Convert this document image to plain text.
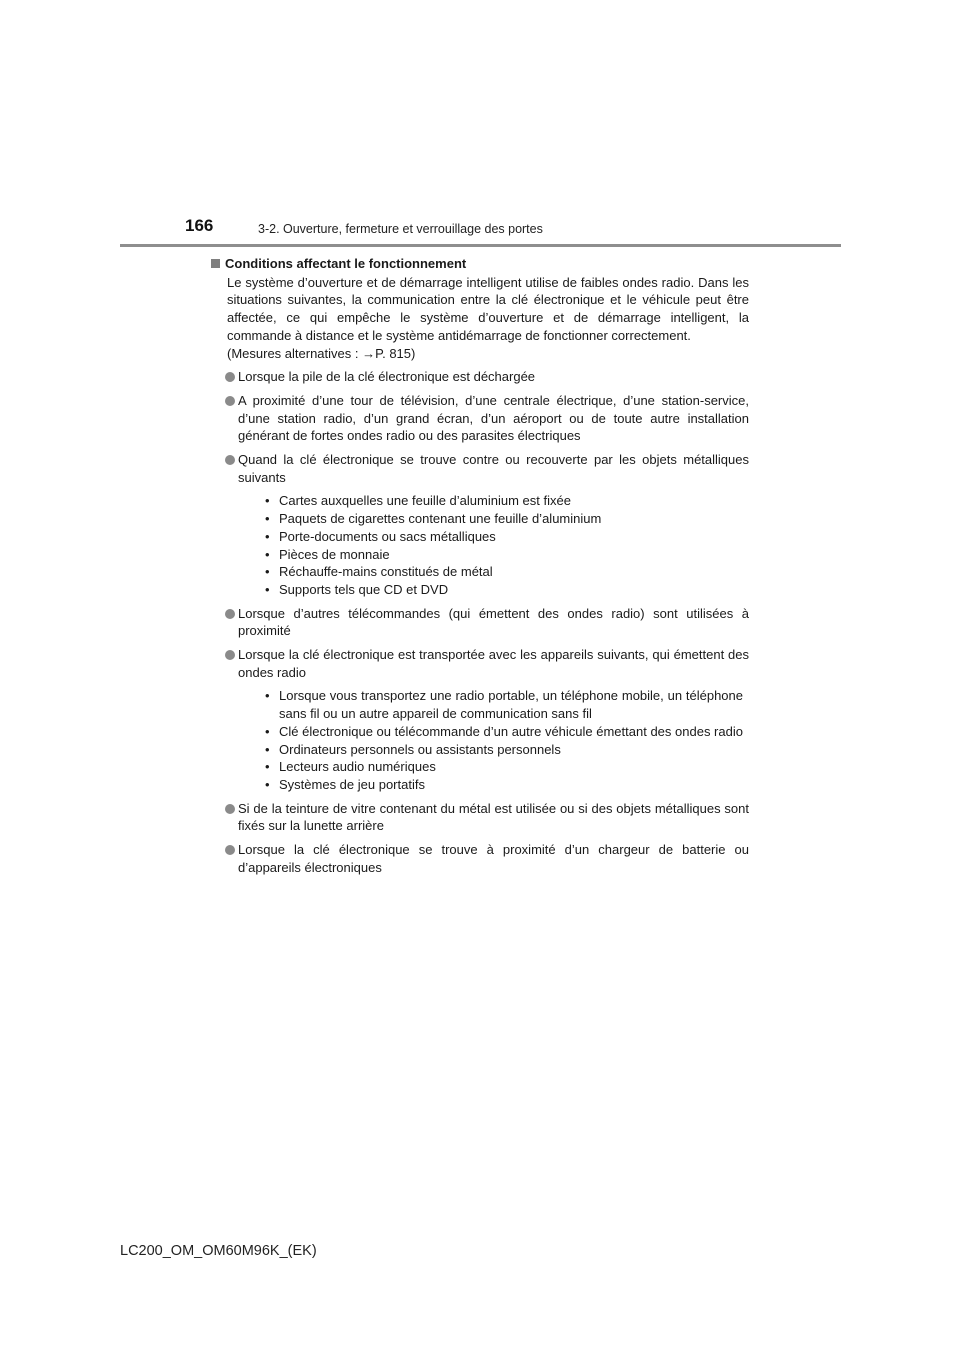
166	3-2. Ouverture, fermeture et verrouillage des portes
Conditions affectant le fonctionnement
Le système d’ouverture et de démarrage intelligent utilise de faibles ondes radio. Dans les situations suivantes, la communication entre la clé électronique et le véhicule peut être affectée, ce qui empêche le système d’ouverture et de démarrage intelligent, la commande à distance et le système antidémarrage de fonctionner correctement.
(Mesures alternatives : →P. 815)
Lorsque la pile de la clé électronique est déchargée
A proximité d’une tour de télévision, d’une centrale électrique, d’une station-service, d’une station radio, d’un grand écran, d’un aéroport ou de toute autre installation générant de fortes ondes radio ou des parasites électriques
Quand la clé électronique se trouve contre ou recouverte par les objets métalliques suivants
• Cartes auxquelles une feuille d’aluminium est fixée
• Paquets de cigarettes contenant une feuille d’aluminium
• Porte-documents ou sacs métalliques
• Pièces de monnaie
• Réchauffe-mains constitués de métal
• Supports tels que CD et DVD
Lorsque d’autres télécommandes (qui émettent des ondes radio) sont utilisées à proximité
Lorsque la clé électronique est transportée avec les appareils suivants, qui émettent des ondes radio
• Lorsque vous transportez une radio portable, un téléphone mobile, un téléphone sans fil ou un autre appareil de communication sans fil
• Clé électronique ou télécommande d’un autre véhicule émettant des ondes radio
• Ordinateurs personnels ou assistants personnels
• Lecteurs audio numériques
• Systèmes de jeu portatifs
Si de la teinture de vitre contenant du métal est utilisée ou si des objets métalliques sont fixés sur la lunette arrière
Lorsque la clé électronique se trouve à proximité d’un chargeur de batterie ou d’appareils électroniques
LC200_OM_OM60M96K_(EK)
